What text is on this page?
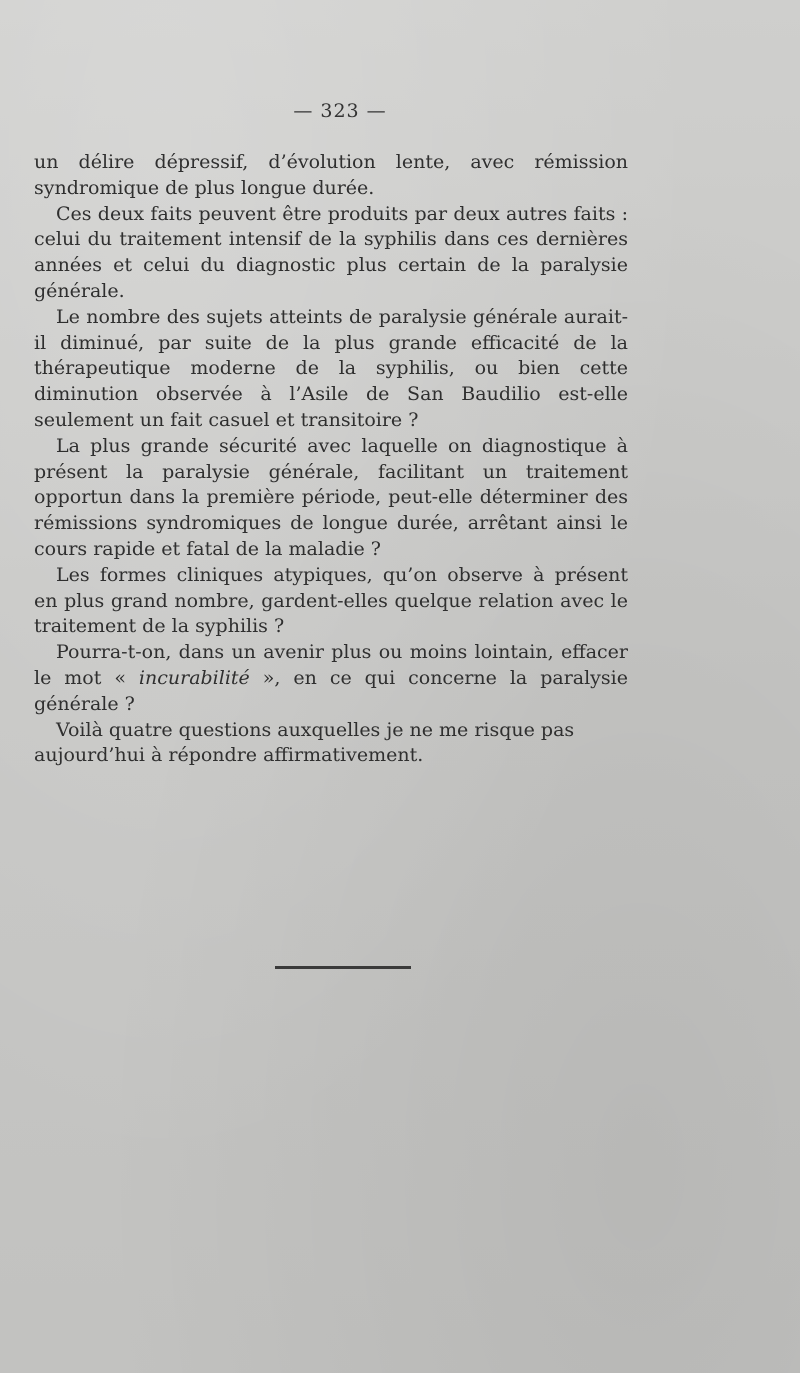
— 323 —

un délire dépressif, d’évolution lente, avec rémission syndromique de plus longue durée.

Ces deux faits peuvent être produits par deux autres faits : celui du traitement intensif de la syphilis dans ces dernières années et celui du diagnostic plus certain de la paralysie générale.

Le nombre des sujets atteints de paralysie générale aurait-il diminué, par suite de la plus grande efficacité de la thérapeutique moderne de la syphilis, ou bien cette diminution observée à l’Asile de San Baudilio est-elle seulement un fait casuel et transitoire ?

La plus grande sécurité avec laquelle on diagnostique à présent la paralysie générale, facilitant un traitement opportun dans la première période, peut-elle déterminer des rémissions syndromiques de longue durée, arrêtant ainsi le cours rapide et fatal de la maladie ?

Les formes cliniques atypiques, qu’on observe à présent en plus grand nombre, gardent-elles quelque relation avec le traitement de la syphilis ?

Pourra-t-on, dans un avenir plus ou moins lointain, effacer le mot « incurabilité », en ce qui concerne la paralysie générale ?

Voilà quatre questions auxquelles je ne me risque pas aujourd’hui à répondre affirmativement.
